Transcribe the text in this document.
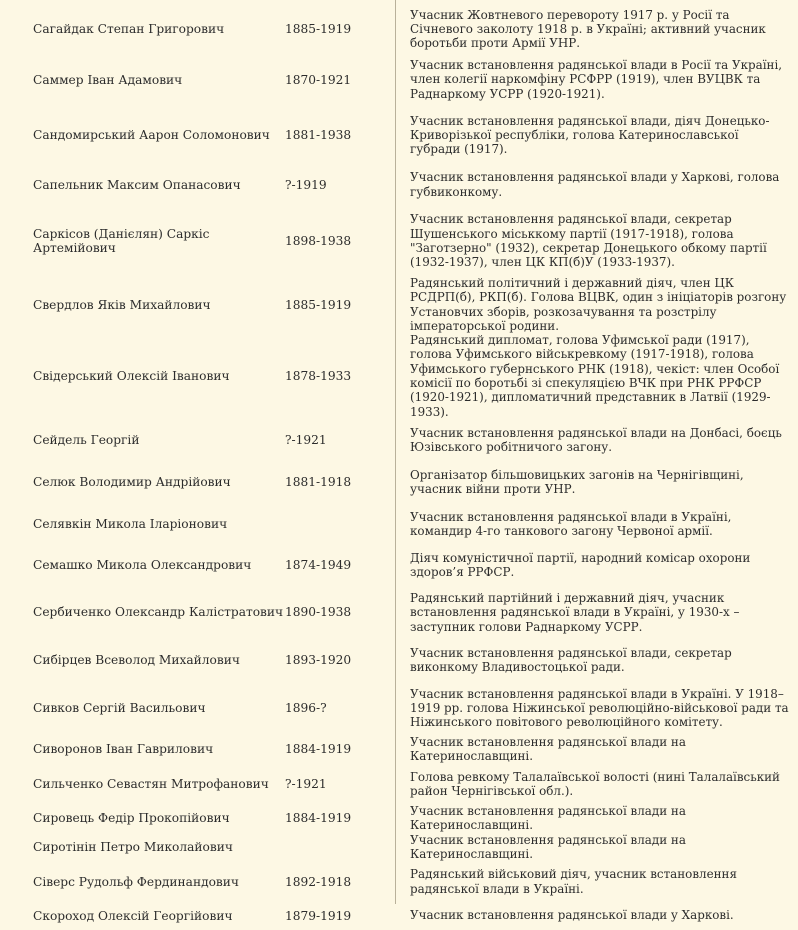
Сагайдак Степан Григорович	1885-1919	Учасник Жовтневого перевороту 1917 р. у Росії та Січневого заколоту 1918 р. в Україні; активний учасник боротьби проти Армії УНР.
Саммер Іван Адамович	1870-1921	Учасник встановлення радянської влади в Росії та Україні, член колегії наркомфіну РСФРР (1919), член ВУЦВК та Раднаркому УСРР (1920-1921).
Сандомирський Аарон Соломонович	1881-1938	Учасник встановлення радянської влади, діяч Донецько-Криворізької республіки, голова Катеринославської губради (1917).
Сапельник Максим Опанасович	?-1919	Учасник встановлення радянської влади у Харкові, голова губвиконкому.
Саркісов (Данієлян) Саркіс Артемійович	1898-1938	Учасник встановлення радянської влади, секретар Шушенського міськкому партії (1917-1918), голова "Заготзерно" (1932), секретар Донецького обкому партії (1932-1937), член ЦК КП(б)У (1933-1937).
Свердлов Яків Михайлович	1885-1919	Радянський політичний і державний діяч, член ЦК РСДРП(б), РКП(б). Голова ВЦВК, один з ініціаторів розгону Установчих зборів, розкозачування та розстрілу імператорської родини.
Свідерський Олексій Іванович	1878-1933	Радянський дипломат, голова Уфимської ради (1917), голова Уфимського військревкому (1917-1918), голова Уфимського губернського РНК (1918), чекіст: член Особої комісії по боротьбі зі спекуляцією ВЧК при РНК РРФСР (1920-1921), дипломатичний представник в Латвії (1929-1933).
Сейдель Георгій	?-1921	Учасник встановлення радянської влади на Донбасі, боєць Юзівського робітничого загону.
Селюк Володимир Андрійович	1881-1918	Організатор більшовицьких загонів на Чернігівщині, учасник війни проти УНР.
Селявкін Микола Іларіонович		Учасник встановлення радянської влади в Україні, командир 4-го танкового загону Червоної армії.
Семашко Микола Олександрович	1874-1949	Діяч комуністичної партії, народний комісар охорони здоров’я РРФСР.
Сербиченко Олександр Калістратович	1890-1938	Радянський партійний і державний діяч, учасник встановлення радянської влади в Україні, у 1930-х – заступник голови Раднаркому УСРР.
Сибірцев Всеволод Михайлович	1893-1920	Учасник встановлення радянської влади, секретар виконкому Владивостоцької ради.
Сивков Сергій Васильович	1896-?	Учасник встановлення радянської влади в Україні. У 1918–1919 рр. голова Ніжинської революційно-військової ради та Ніжинського повітового революційного комітету.
Сиворонов Іван Гаврилович	1884-1919	Учасник встановлення радянської влади на Катеринославщині.
Сильченко Севастян Митрофанович	?-1921	Голова ревкому Талалаївської волості (нині Талалаївський район Чернігівської обл.).
Сировець Федір Прокопійович	1884-1919	Учасник встановлення радянської влади на Катеринославщині.
Сиротінін Петро Миколайович		Учасник встановлення радянської влади на Катеринославщині.
Сіверс Рудольф Фердинандович	1892-1918	Радянський військовий діяч, учасник встановлення радянської влади в Україні.
Скороход Олексій Георгійович	1879-1919	Учасник встановлення радянської влади у Харкові.
